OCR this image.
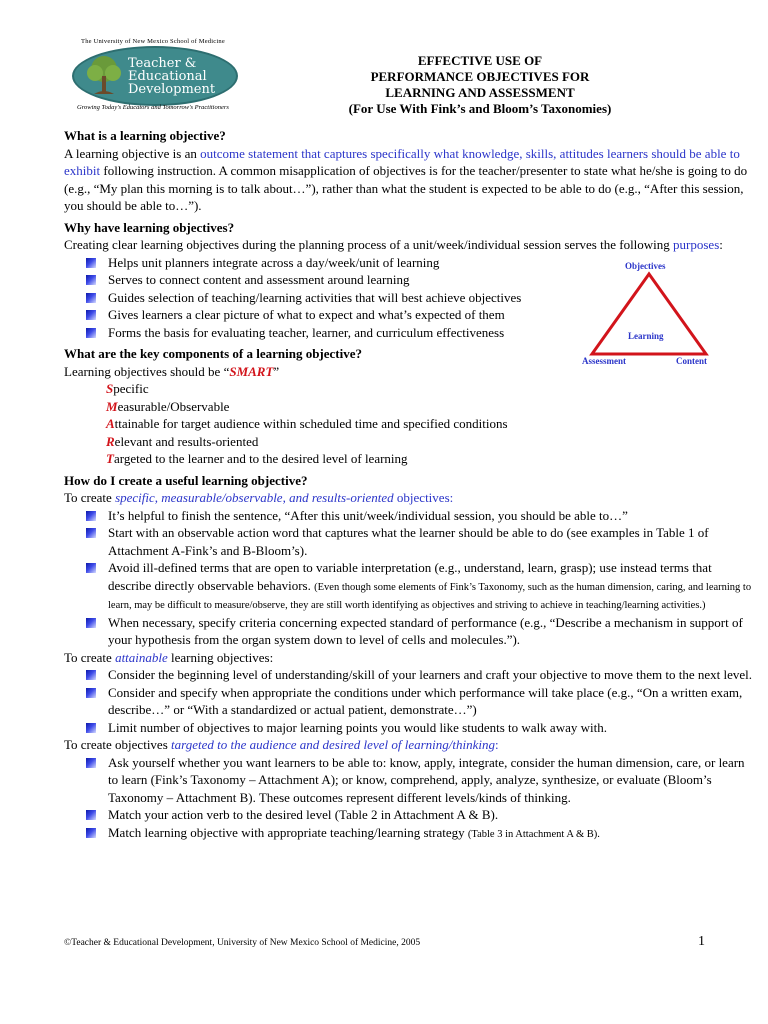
The University of New Mexico School of Medicine
Teacher &
Educational
Development
Growing Today's Educators and Tomorrow's Practitioners
EFFECTIVE USE OF
PERFORMANCE OBJECTIVES FOR
LEARNING AND ASSESSMENT
(For Use With Fink’s and Bloom’s Taxonomies)
Objectives
Learning
Assessment	Content

What is a learning objective?

A learning objective is an outcome statement that captures specifically what knowledge, skills, attitudes learners should be able to exhibit following instruction. A common misapplication of objectives is for the teacher/presenter to state what he/she is going to do (e.g., “My plan this morning is to talk about…”), rather than what the student is expected to be able to do (e.g., “After this session, you should be able to…”).

Why have learning objectives?

Creating clear learning objectives during the planning process of a unit/week/individual session serves the following purposes:

Helps unit planners integrate across a day/week/unit of learning
Serves to connect content and assessment around learning
Guides selection of teaching/learning activities that will best achieve objectives
Gives learners a clear picture of what to expect and what’s expected of them
Forms the basis for evaluating teacher, learner, and curriculum effectiveness

What are the key components of a learning objective?

Learning objectives should be “SMART”

Specific
Measurable/Observable
Attainable for target audience within scheduled time and specified conditions
Relevant and results-oriented
Targeted to the learner and to the desired level of learning

How do I create a useful learning objective?

To create specific, measurable/observable, and results-oriented objectives:

It’s helpful to finish the sentence, “After this unit/week/individual session, you should be able to…”
Start with an observable action word that captures what the learner should be able to do (see examples in Table 1 of Attachment A-Fink’s and B-Bloom’s).
Avoid ill-defined terms that are open to variable interpretation (e.g., understand, learn, grasp); use instead terms that describe directly observable behaviors. (Even though some elements of Fink’s Taxonomy, such as the human dimension, caring, and learning to learn, may be difficult to measure/observe, they are still worth identifying as objectives and striving to achieve in teaching/learning activities.)
When necessary, specify criteria concerning expected standard of performance (e.g., “Describe a mechanism in support of your hypothesis from the organ system down to level of cells and molecules.”).

To create attainable learning objectives:

Consider the beginning level of understanding/skill of your learners and craft your objective to move them to the next level.
Consider and specify when appropriate the conditions under which performance will take place (e.g., “On a written exam, describe…” or “With a standardized or actual patient, demonstrate…”)
Limit number of objectives to major learning points you would like students to walk away with.

To create objectives targeted to the audience and desired level of learning/thinking:

Ask yourself whether you want learners to be able to: know, apply, integrate, consider the human dimension, care, or learn to learn (Fink’s Taxonomy – Attachment A); or know, comprehend, apply, analyze, synthesize, or evaluate (Bloom’s Taxonomy – Attachment B). These outcomes represent different levels/kinds of thinking.
Match your action verb to the desired level (Table 2 in Attachment A & B).
Match learning objective with appropriate teaching/learning strategy (Table 3 in Attachment A & B).
©Teacher & Educational Development, University of New Mexico School of Medicine, 2005	1
